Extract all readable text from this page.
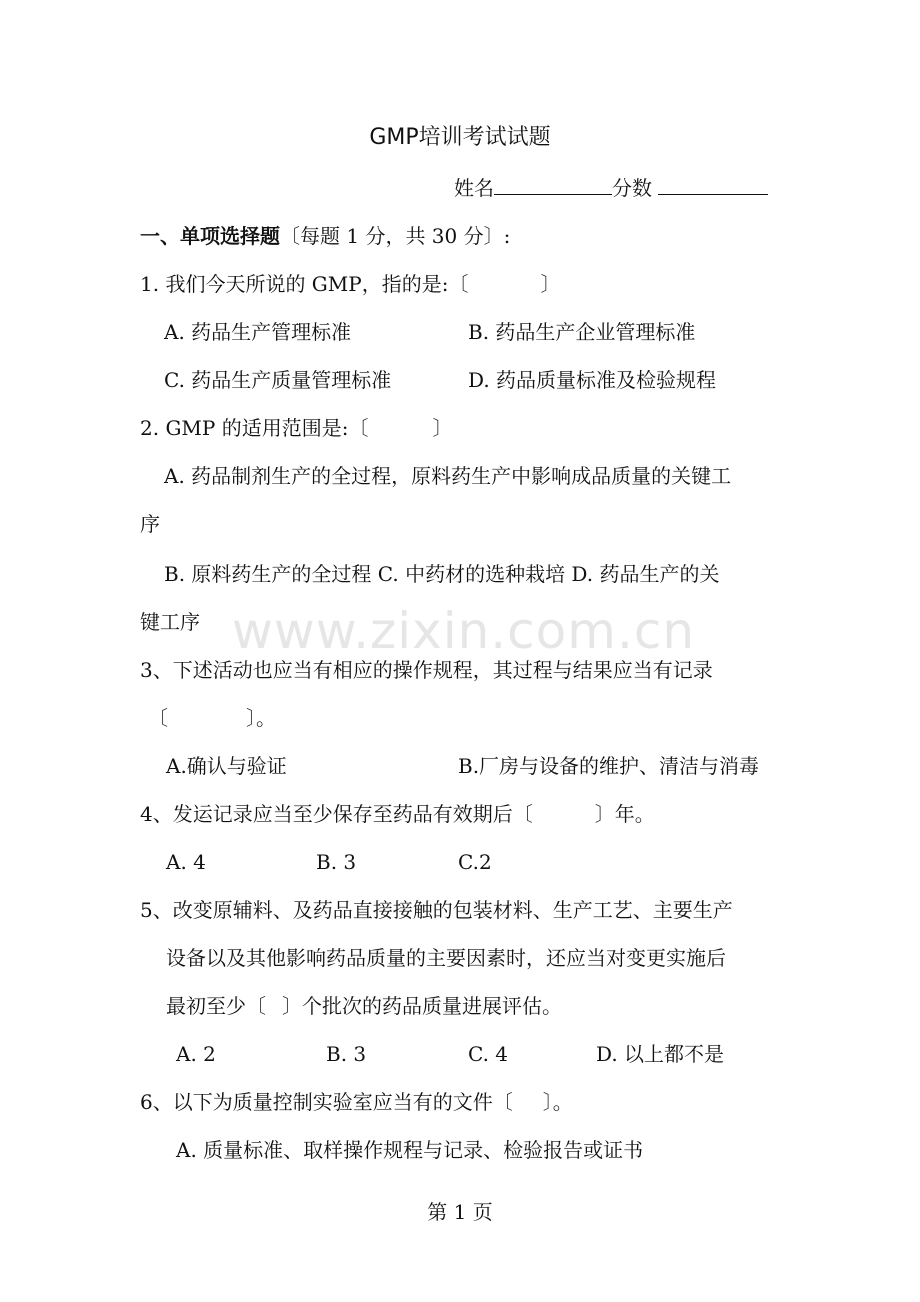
GMP培训考试试题
姓名	分数
一、单项选择题〔每题 1 分，共 30 分〕:
1. 我们今天所说的 GMP，指的是:〔	〕
A. 药品生产管理标准	B. 药品生产企业管理标准
C. 药品生产质量管理标准	D. 药品质量标准及检验规程
2. GMP 的适用范围是:〔	〕
A. 药品制剂生产的全过程，原料药生产中影响成品质量的关键工
序
B. 原料药生产的全过程 C. 中药材的选种栽培 D. 药品生产的关
键工序
3、下述活动也应当有相应的操作规程，其过程与结果应当有记录
〔	〕。
A.确认与验证	B.厂房与设备的维护、清洁与消毒
4、发运记录应当至少保存至药品有效期后〔	〕年。
A. 4	B. 3	C.2
5、改变原辅料、及药品直接接触的包装材料、生产工艺、主要生产
设备以及其他影响药品质量的主要因素时，还应当对变更实施后
最初至少〔 〕个批次的药品质量进展评估。
A. 2	B. 3	C. 4	D. 以上都不是
6、以下为质量控制实验室应当有的文件〔 〕。
A. 质量标准、取样操作规程与记录、检验报告或证书
www.zixin.com.cn
第 1 页
